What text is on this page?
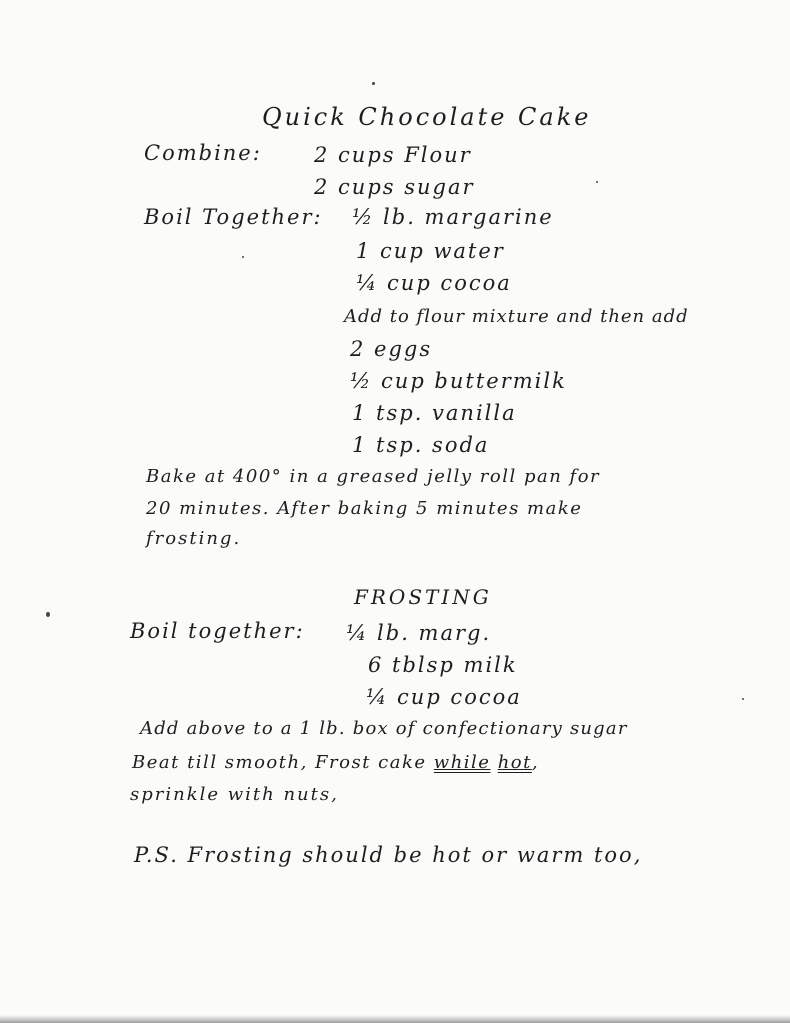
Quick Chocolate Cake
Combine: 2 cups Flour
2 cups sugar
Boil Together: ½ lb. margarine
1 cup water
¼ cup cocoa
Add to flour mixture and then add
2 eggs
½ cup buttermilk
1 tsp. vanilla
1 tsp. soda
Bake at 400° in a greased jelly roll pan for
20 minutes. After baking 5 minutes make
frosting.
FROSTING
Boil together: ¼ lb. marg.
6 tblsp milk
¼ cup cocoa
Add above to a 1 lb. box of confectionary sugar
Beat till smooth, Frost cake while hot,
sprinkle with nuts,
P.S. Frosting should be hot or warm too,
